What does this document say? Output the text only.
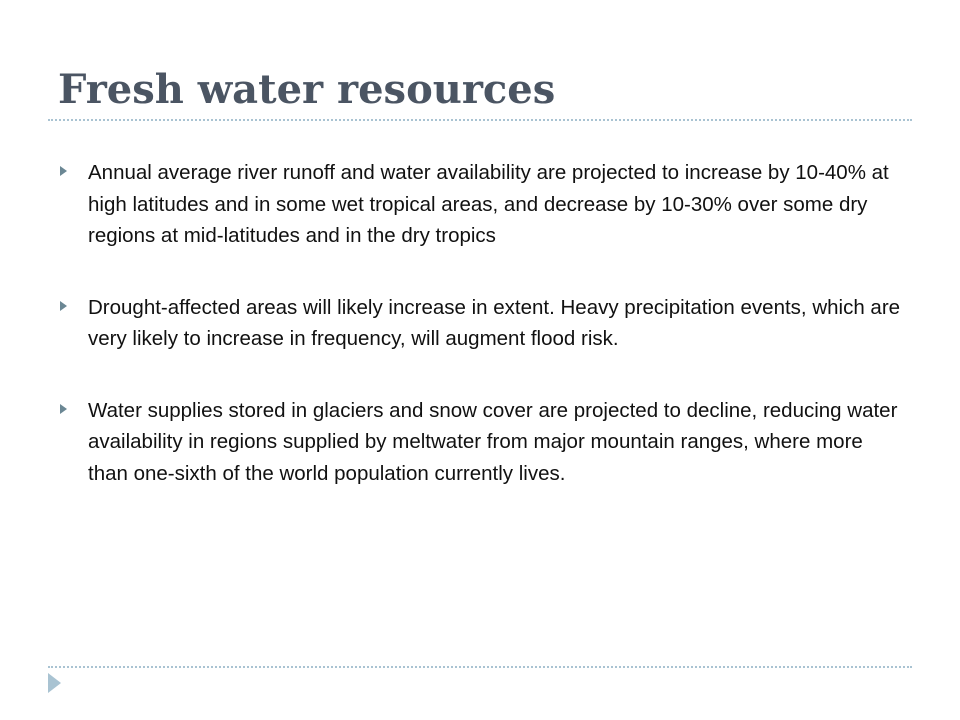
Fresh water resources
Annual average river runoff and water availability are projected to increase by 10-40% at high latitudes and in some wet tropical areas, and decrease by 10-30% over some dry regions at mid-latitudes and in the dry tropics
Drought-affected areas will likely increase in extent. Heavy precipitation events, which are very likely to increase in frequency, will augment flood risk.
Water supplies stored in glaciers and snow cover are projected to decline, reducing water availability in regions supplied by meltwater from major mountain ranges, where more than one-sixth of the world population currently lives.
